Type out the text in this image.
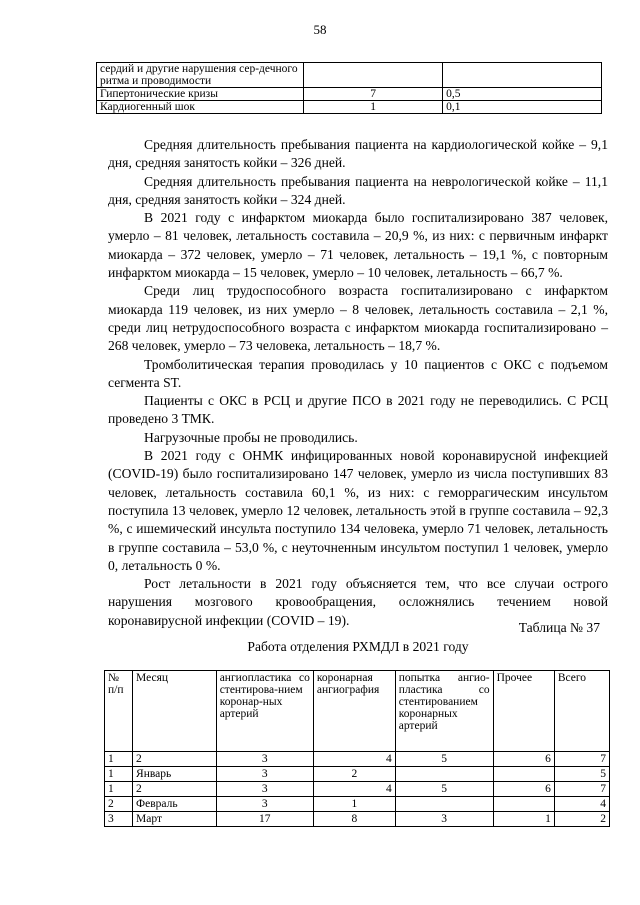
58
сердий и другие нарушения сер-дечного ритма и проводимости		
Гипертонические кризы	7	0,5
Кардиогенный шок	1	0,1

Средняя длительность пребывания пациента на кардиологической койке – 9,1 дня, средняя занятость койки – 326 дней.

Средняя длительность пребывания пациента на неврологической койке – 11,1 дня, средняя занятость койки – 324 дней.

В 2021 году с инфарктом миокарда было госпитализировано 387 человек, умерло – 81 человек, летальность составила – 20,9 %, из них: с первичным инфаркт миокарда – 372 человек, умерло – 71 человек, летальность – 19,1 %, с повторным инфарктом миокарда – 15 человек, умерло – 10 человек, летальность – 66,7 %.

Среди лиц трудоспособного возраста госпитализировано с инфарктом миокарда 119 человек, из них умерло – 8 человек, летальность составила – 2,1 %, среди лиц нетрудоспособного возраста с инфарктом миокарда госпитализировано – 268 человек, умерло – 73 человека, летальность – 18,7 %.

Тромболитическая терапия проводилась у 10 пациентов с ОКС с подъемом сегмента ST.

Пациенты с ОКС в РСЦ и другие ПСО в 2021 году не переводились. С РСЦ проведено 3 ТМК.

Нагрузочные пробы не проводились.

В 2021 году с ОНМК инфицированных новой коронавирусной инфекцией (COVID-19) было госпитализировано 147 человек, умерло из числа поступивших 83 человек, летальность составила 60,1 %, из них: с геморрагическим инсультом поступила 13 человек, умерло 12 человек, летальность этой в группе составила – 92,3 %, с ишемический инсульта поступило 134 человека, умерло 71 человек, летальность в группе составила – 53,0 %, с неуточненным инсультом поступил 1 человек, умерло 0, летальность 0 %.

Рост летальности в 2021 году объясняется тем, что все случаи острого нарушения мозгового кровообращения, осложнялись течением новой коронавирусной инфекции (COVID – 19).	Таблица № 37
Работа отделения РХМДЛ в 2021 году
№ п/п	Месяц	ангиопластика со стентирова-нием коронар-ных артерий	коронарная ангиография	попытка ангио-пластика со стентированием коронарных артерий	Прочее	Всего
1	2	3	4	5	6	7
1	Январь	3	2			5
1	2	3	4	5	6	7
2	Февраль	3	1			4
3	Март	17	8	3	1	2
